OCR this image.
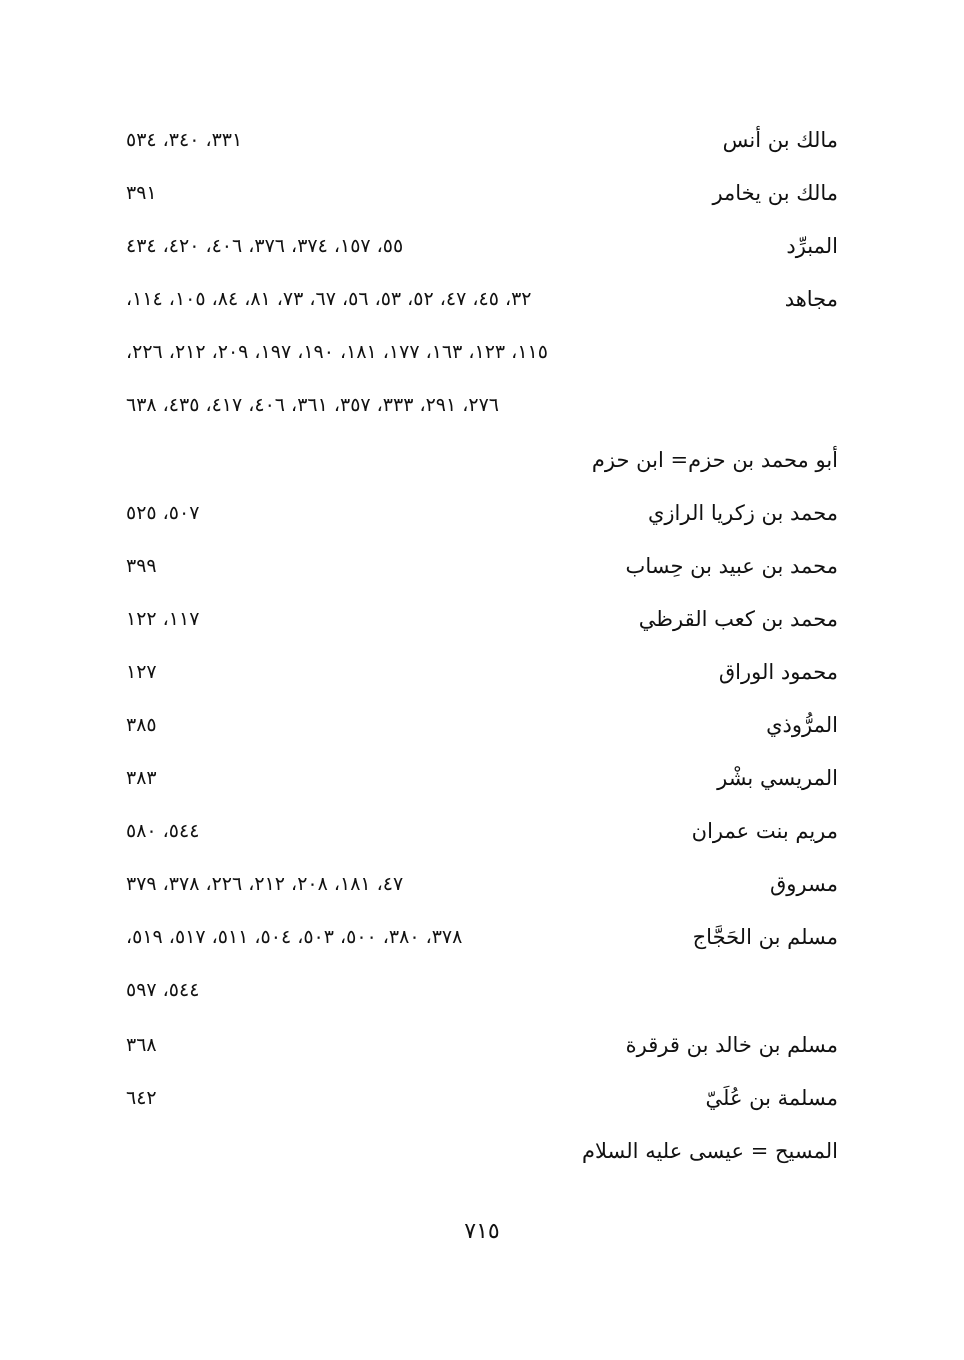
مالك بن أنس
٣٣١، ٣٤٠، ٥٣٤
مالك بن يخامر
٣٩١
المبرِّد
٥٥، ١٥٧، ٣٧٤، ٣٧٦، ٤٠٦، ٤٢٠، ٤٣٤
مجاهد
٣٢، ٤٥، ٤٧، ٥٢، ٥٣، ٥٦، ٦٧، ٧٣، ٨١، ٨٤، ١٠٥، ١١٤،
١١٥، ١٢٣، ١٦٣، ١٧٧، ١٨١، ١٩٠، ١٩٧، ٢٠٩، ٢١٢، ٢٢٦،
٢٧٦، ٢٩١، ٣٣٣، ٣٥٧، ٣٦١، ٤٠٦، ٤١٧، ٤٣٥، ٦٣٨
أبو محمد بن حزم= ابن حزم
محمد بن زكريا الرازي
٥٠٧، ٥٢٥
محمد بن عبيد بن حِساب
٣٩٩
محمد بن كعب القرظي
١١٧، ١٢٢
محمود الوراق
١٢٧
المرُّوذي
٣٨٥
المريسي بشْر
٣٨٣
مريم بنت عمران
٥٤٤، ٥٨٠
مسروق
٤٧، ١٨١، ٢٠٨، ٢١٢، ٢٢٦، ٣٧٨، ٣٧٩
مسلم بن الحَجَّاج
٣٧٨، ٣٨٠، ٥٠٠، ٥٠٣، ٥٠٤، ٥١١، ٥١٧، ٥١٩،
٥٤٤، ٥٩٧
مسلم بن خالد بن قرقرة
٣٦٨
مسلمة بن عُلَيّ
٦٤٢
المسيح = عيسى عليه السلام
٧١٥
